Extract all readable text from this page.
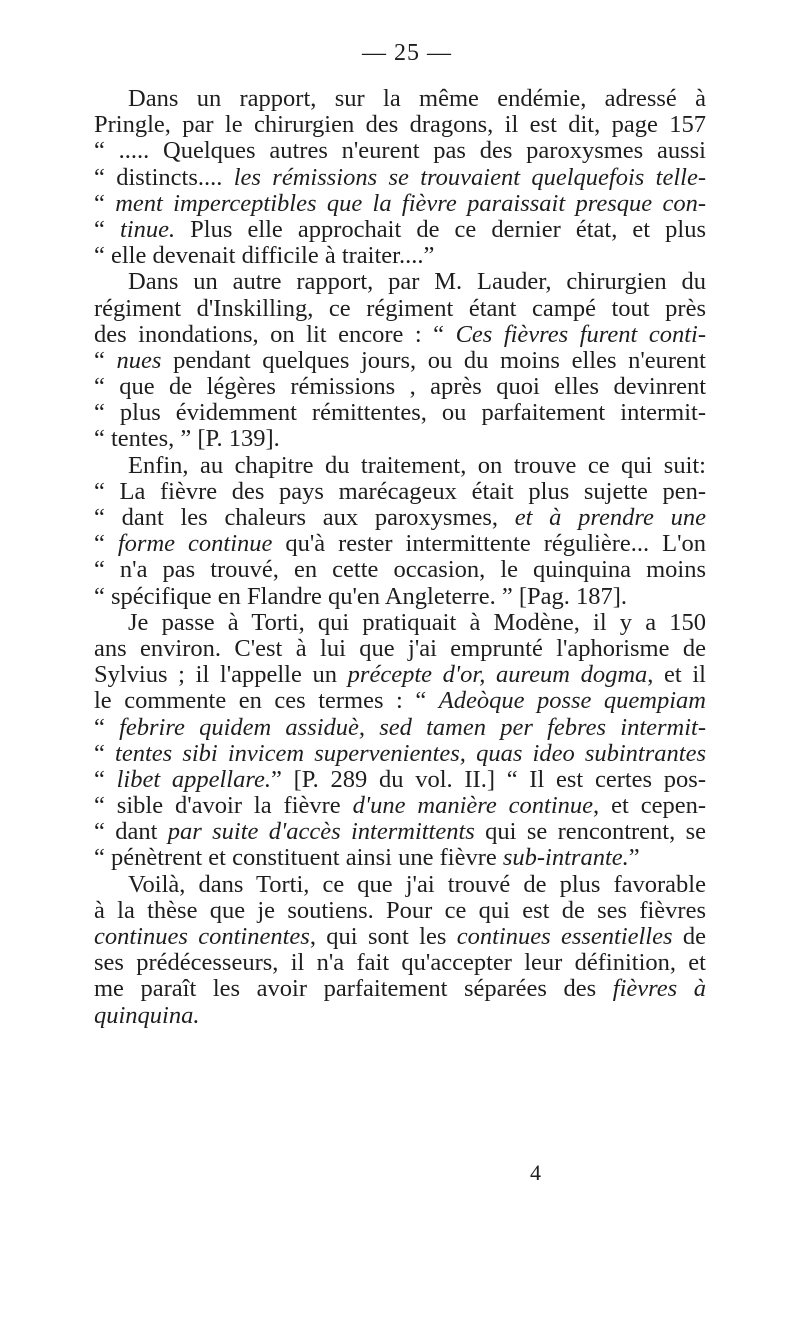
— 25 —
Dans un rapport, sur la même endémie, adressé à
Pringle, par le chirurgien des dragons, il est dit, page 157
“ ..... Quelques autres n'eurent pas des paroxysmes aussi
“ distincts.... les rémissions se trouvaient quelquefois telle-
“ ment imperceptibles que la fièvre paraissait presque con-
“ tinue. Plus elle approchait de ce dernier état, et plus
“ elle devenait difficile à traiter....”
Dans un autre rapport, par M. Lauder, chirurgien du
régiment d'Inskilling, ce régiment étant campé tout près
des inondations, on lit encore : “ Ces fièvres furent conti-
“ nues pendant quelques jours, ou du moins elles n'eurent
“ que de légères rémissions , après quoi elles devinrent
“ plus évidemment rémittentes, ou parfaitement intermit-
“ tentes, ” [P. 139].
Enfin, au chapitre du traitement, on trouve ce qui suit:
“ La fièvre des pays marécageux était plus sujette pen-
“ dant les chaleurs aux paroxysmes, et à prendre une
“ forme continue qu'à rester intermittente régulière... L'on
“ n'a pas trouvé, en cette occasion, le quinquina moins
“ spécifique en Flandre qu'en Angleterre. ” [Pag. 187].
Je passe à Torti, qui pratiquait à Modène, il y a 150
ans environ. C'est à lui que j'ai emprunté l'aphorisme de
Sylvius ; il l'appelle un précepte d'or, aureum dogma, et il
le commente en ces termes : “ Adeòque posse quempiam
“ febrire quidem assiduè, sed tamen per febres intermit-
“ tentes sibi invicem supervenientes, quas ideo subintrantes
“ libet appellare.” [P. 289 du vol. II.] “ Il est certes pos-
“ sible d'avoir la fièvre d'une manière continue, et cepen-
“ dant par suite d'accès intermittents qui se rencontrent, se
“ pénètrent et constituent ainsi une fièvre sub-intrante.”
Voilà, dans Torti, ce que j'ai trouvé de plus favorable
à la thèse que je soutiens. Pour ce qui est de ses fièvres
continues continentes, qui sont les continues essentielles de
ses prédécesseurs, il n'a fait qu'accepter leur définition, et
me paraît les avoir parfaitement séparées des fièvres à
quinquina.
4
